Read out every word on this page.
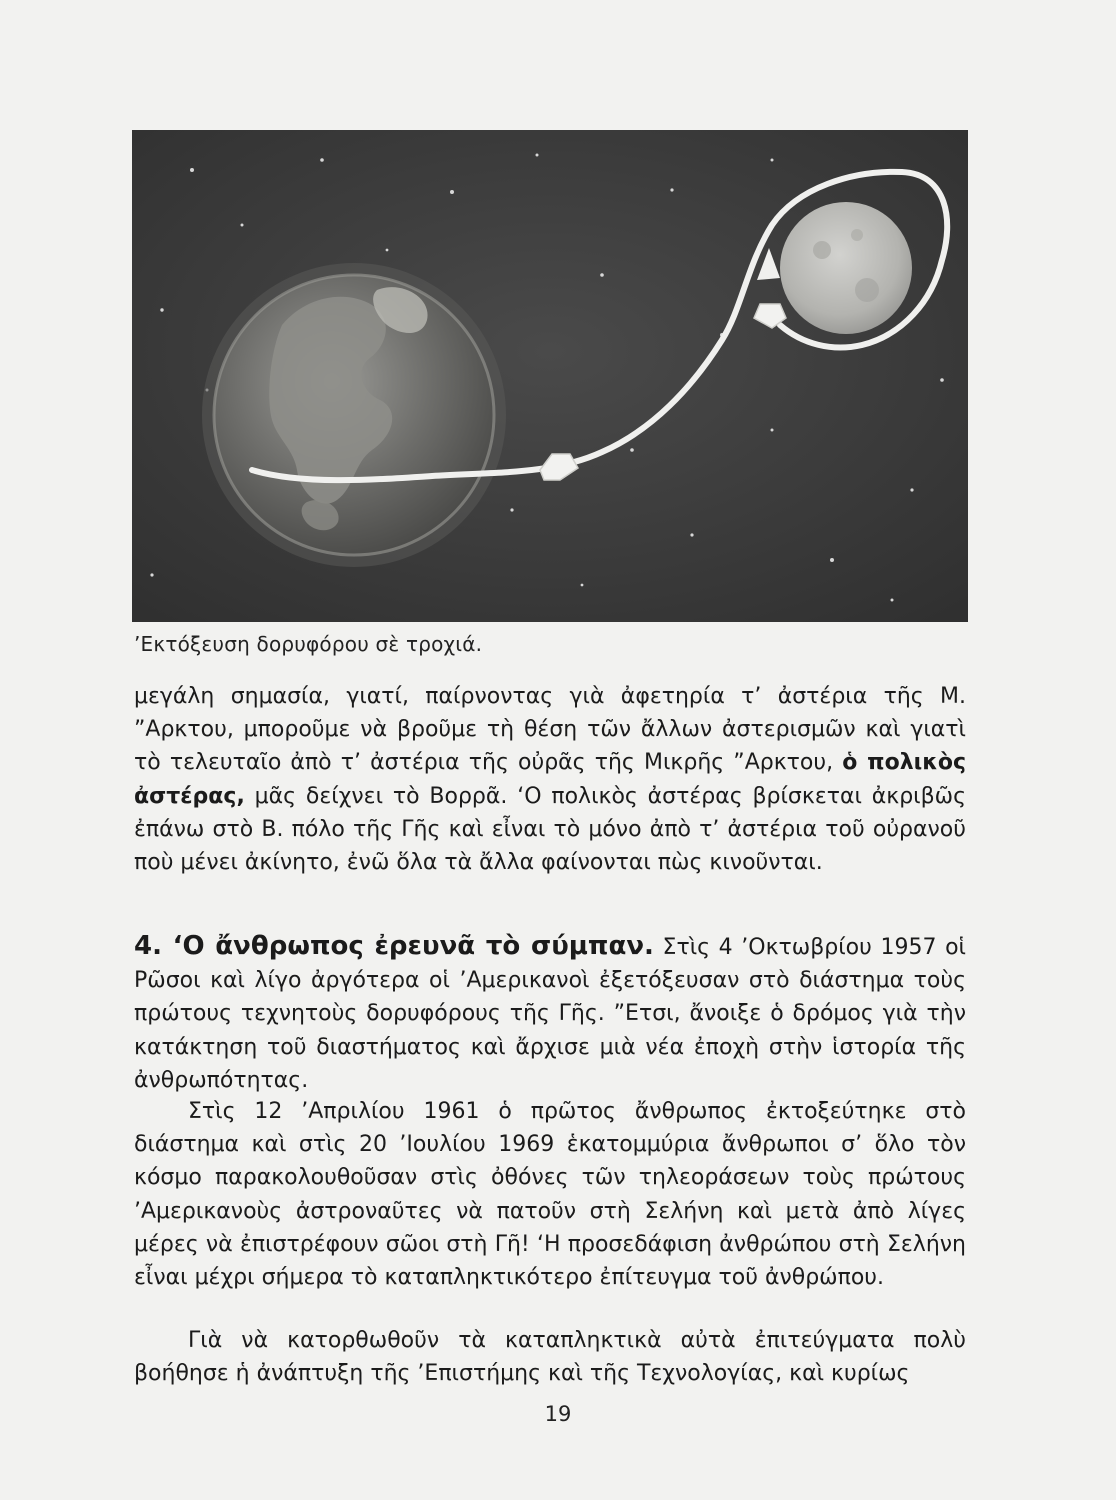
’Εκτόξευση δορυφόρου σὲ τροχιά.
μεγάλη σημασία, γιατί, παίρνοντας γιὰ ἀφετηρία τ’ ἀστέρια τῆς Μ. ”Αρκτου, μποροῦμε νὰ βροῦμε τὴ θέση τῶν ἄλλων ἀστερισμῶν καὶ γιατὶ τὸ τελευταῖο ἀπὸ τ’ ἀστέρια τῆς οὐρᾶς τῆς Μικρῆς ”Αρκτου, ὁ πολικὸς ἀστέρας, μᾶς δείχνει τὸ Βορρᾶ. ‘Ο πολικὸς ἀστέρας βρίσκεται ἀκριβῶς ἐπάνω στὸ Β. πόλο τῆς Γῆς καὶ εἶναι τὸ μόνο ἀπὸ τ’ ἀστέρια τοῦ οὐρανοῦ ποὺ μένει ἀκίνητο, ἐνῶ ὅλα τὰ ἄλλα φαίνονται πὼς κινοῦνται.
4. ‘Ο ἄνθρωπος ἐρευνᾶ τὸ σύμπαν. Στὶς 4 ’Οκτωβρίου 1957 οἱ Ρῶσοι καὶ λίγο ἀργότερα οἱ ’Αμερικανοὶ ἐξετόξευσαν στὸ διάστημα τοὺς πρώτους τεχνητοὺς δορυφόρους τῆς Γῆς. ”Ετσι, ἄνοιξε ὁ δρόμος γιὰ τὴν κατάκτηση τοῦ διαστήματος καὶ ἄρχισε μιὰ νέα ἐποχὴ στὴν ἱστορία τῆς ἀνθρωπότητας.
Στὶς 12 ’Απριλίου 1961 ὁ πρῶτος ἄνθρωπος ἐκτοξεύτηκε στὸ διάστημα καὶ στὶς 20 ’Ιουλίου 1969 ἑκατομμύρια ἄνθρωποι σ’ ὅλο τὸν κόσμο παρακολουθοῦσαν στὶς ὀθόνες τῶν τηλεοράσεων τοὺς πρώτους ’Αμερικανοὺς ἀστροναῦτες νὰ πατοῦν στὴ Σελήνη καὶ μετὰ ἀπὸ λίγες μέρες νὰ ἐπιστρέφουν σῶοι στὴ Γῆ! ‘Η προσεδάφιση ἀνθρώπου στὴ Σελήνη εἶναι μέχρι σήμερα τὸ καταπληκτικότερο ἐπίτευγμα τοῦ ἀνθρώπου.
Γιὰ νὰ κατορθωθοῦν τὰ καταπληκτικὰ αὐτὰ ἐπιτεύγματα πολὺ βοήθησε ἡ ἀνάπτυξη τῆς ’Επιστήμης καὶ τῆς Τεχνολογίας, καὶ κυρίως
19
